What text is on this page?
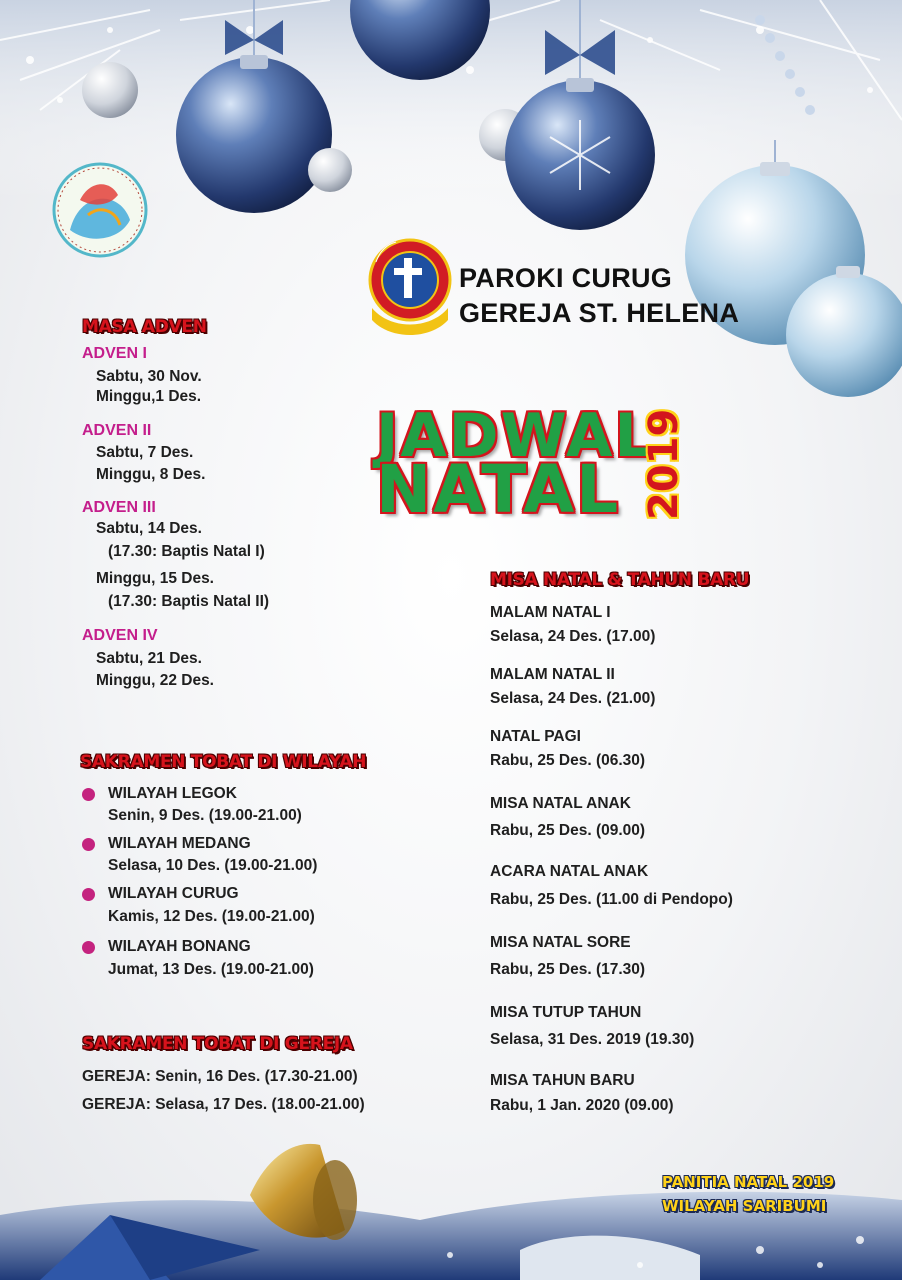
PAROKI CURUG
GEREJA ST. HELENA
JADWAL
NATAL 2019
MASA ADVEN
ADVEN I
Sabtu, 30 Nov.
Minggu,1 Des.
ADVEN II
Sabtu, 7 Des.
Minggu, 8 Des.
ADVEN III
Sabtu, 14 Des.
(17.30: Baptis Natal I)
Minggu, 15 Des.
(17.30: Baptis Natal II)
ADVEN IV
Sabtu, 21 Des.
Minggu, 22 Des.
SAKRAMEN TOBAT DI WILAYAH
WILAYAH LEGOK
Senin, 9 Des. (19.00-21.00)
WILAYAH MEDANG
Selasa, 10 Des. (19.00-21.00)
WILAYAH CURUG
Kamis, 12 Des. (19.00-21.00)
WILAYAH BONANG
Jumat, 13 Des. (19.00-21.00)
SAKRAMEN TOBAT DI GEREJA
GEREJA: Senin, 16 Des. (17.30-21.00)
GEREJA: Selasa, 17 Des. (18.00-21.00)
MISA NATAL & TAHUN BARU
MALAM NATAL I
Selasa, 24 Des. (17.00)
MALAM NATAL II
Selasa, 24 Des. (21.00)
NATAL PAGI
Rabu, 25 Des. (06.30)
MISA NATAL ANAK
Rabu, 25 Des. (09.00)
ACARA NATAL ANAK
Rabu, 25 Des. (11.00 di Pendopo)
MISA NATAL SORE
Rabu, 25 Des. (17.30)
MISA TUTUP TAHUN
Selasa, 31 Des. 2019 (19.30)
MISA TAHUN BARU
Rabu, 1 Jan. 2020 (09.00)
PANITIA NATAL 2019
WILAYAH SARIBUMI
